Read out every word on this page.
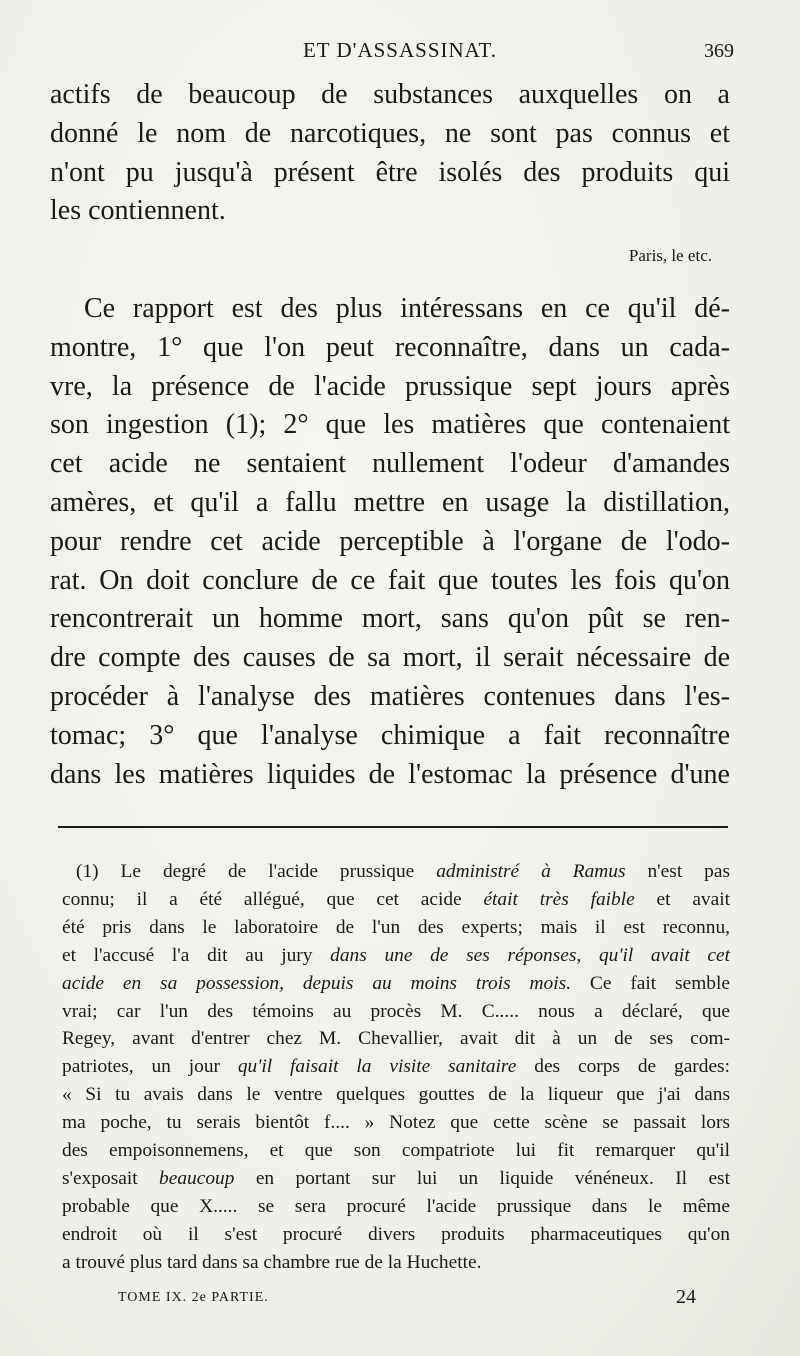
ET D'ASSASSINAT.	369

actifs de beaucoup de substances auxquelles on a
donné le nom de narcotiques, ne sont pas connus et
n'ont pu jusqu'à présent être isolés des produits qui
les contiennent.

Paris, le etc.

Ce rapport est des plus intéressans en ce qu'il dé-
montre, 1° que l'on peut reconnaître, dans un cada-
vre, la présence de l'acide prussique sept jours après
son ingestion (1); 2° que les matières que contenaient
cet acide ne sentaient nullement l'odeur d'amandes
amères, et qu'il a fallu mettre en usage la distillation,
pour rendre cet acide perceptible à l'organe de l'odo-
rat. On doit conclure de ce fait que toutes les fois qu'on
rencontrerait un homme mort, sans qu'on pût se ren-
dre compte des causes de sa mort, il serait nécessaire de
procéder à l'analyse des matières contenues dans l'es-
tomac; 3° que l'analyse chimique a fait reconnaître
dans les matières liquides de l'estomac la présence d'une

(1) Le degré de l'acide prussique administré à Ramus n'est pas
connu; il a été allégué, que cet acide était très faible et avait
été pris dans le laboratoire de l'un des experts; mais il est reconnu,
et l'accusé l'a dit au jury dans une de ses réponses, qu'il avait cet
acide en sa possession, depuis au moins trois mois. Ce fait semble
vrai; car l'un des témoins au procès M. C..... nous a déclaré, que
Regey, avant d'entrer chez M. Chevallier, avait dit à un de ses com-
patriotes, un jour qu'il faisait la visite sanitaire des corps de gardes:
« Si tu avais dans le ventre quelques gouttes de la liqueur que j'ai dans
ma poche, tu serais bientôt f.... » Notez que cette scène se passait lors
des empoisonnemens, et que son compatriote lui fit remarquer qu'il
s'exposait beaucoup en portant sur lui un liquide vénéneux. Il est
probable que X..... se sera procuré l'acide prussique dans le même
endroit où il s'est procuré divers produits pharmaceutiques qu'on
a trouvé plus tard dans sa chambre rue de la Huchette.
TOME IX. 2e PARTIE.	24
